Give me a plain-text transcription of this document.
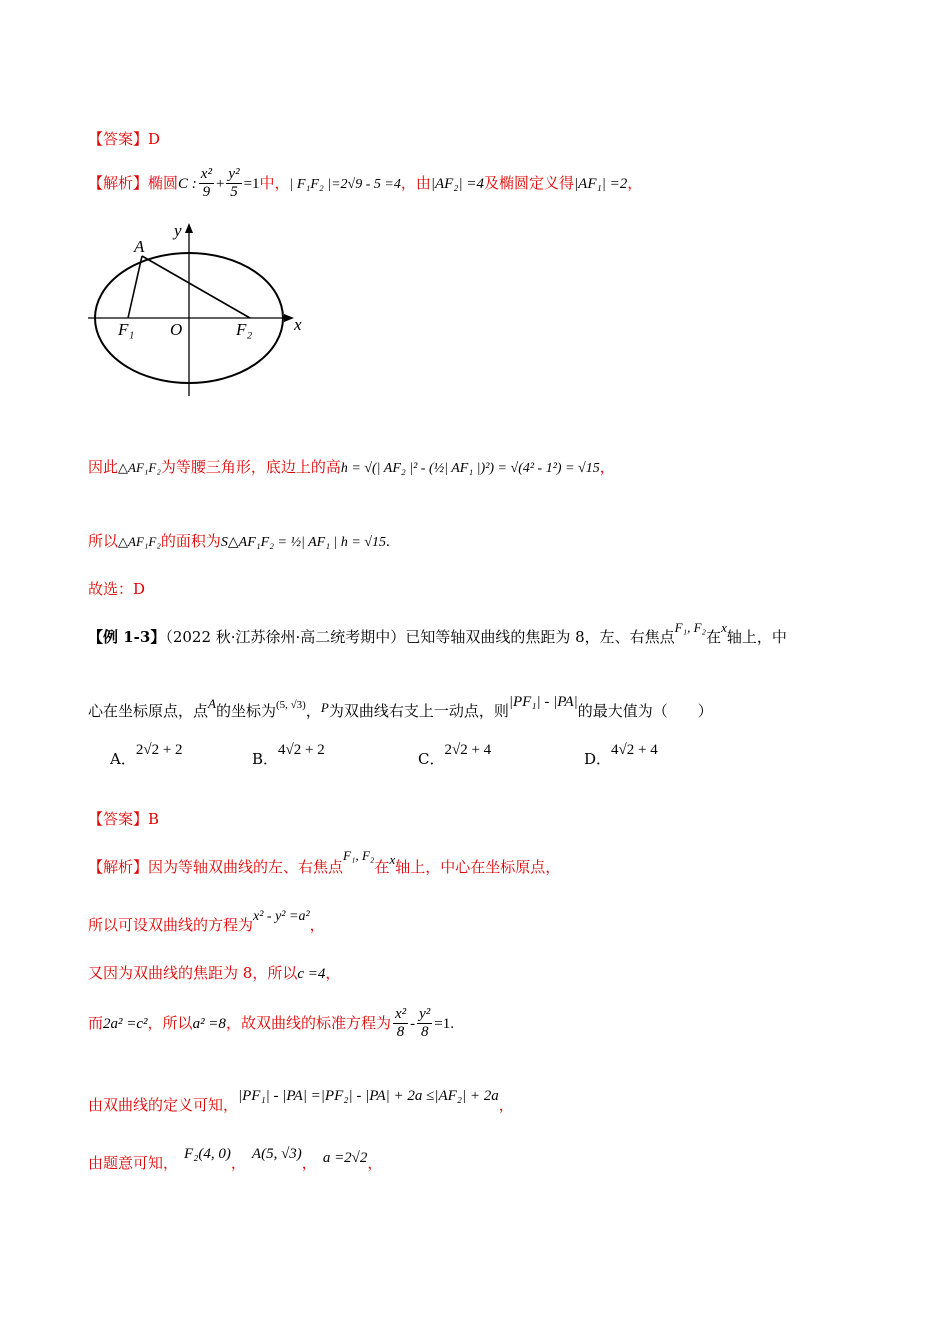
【答案】D
【解析】椭圆C : $\frac{\text{x²}}{9} + \frac{\text{y²}}{5} =1$中，| F₁F₂ |=2√9 - 5 =4，由|AF₂| =4及椭圆定义得|AF₁| =2，
A
y
x
F₁ O	F₂
因此△AF₁F₂为等腰三角形，底边上的高h = √(| AF₂ |² - (½| AF₁ |)²) = √(4² - 1²) = √15，
所以△AF₁F₂的面积为S△AF₁F₂ = ½| AF₁ | h = √15.
故选：D
【例 1-3】（2022 秋·江苏徐州·高二统考期中）已知等轴双曲线的焦距为 8，左、右焦点F₁, F₂在x轴上，中
心在坐标原点，点A的坐标为$^{(5, √3)}$，P为双曲线右支上一动点，则|PF₁| - |PA|的最大值为（　　）
A．2√2 + 2	B．4√2 + 2	C．2√2 + 4	D．4√2 + 4
【答案】B
【解析】因为等轴双曲线的左、右焦点F₁, F₂在x轴上，中心在坐标原点，
所以可设双曲线的方程为x² - y² =a²，
又因为双曲线的焦距为 8，所以c =4，
而2a² =c²，所以a² =8，故双曲线的标准方程为 $\frac{\text{x²}}{8} - \frac{\text{y²}}{8} =1$.
由双曲线的定义可知，|PF₁| - |PA| =|PF₂| - |PA| + 2a ≤|AF₂| + 2a，
由题意可知， F₂(4, 0)， A(5, √3)， a =2√2，
